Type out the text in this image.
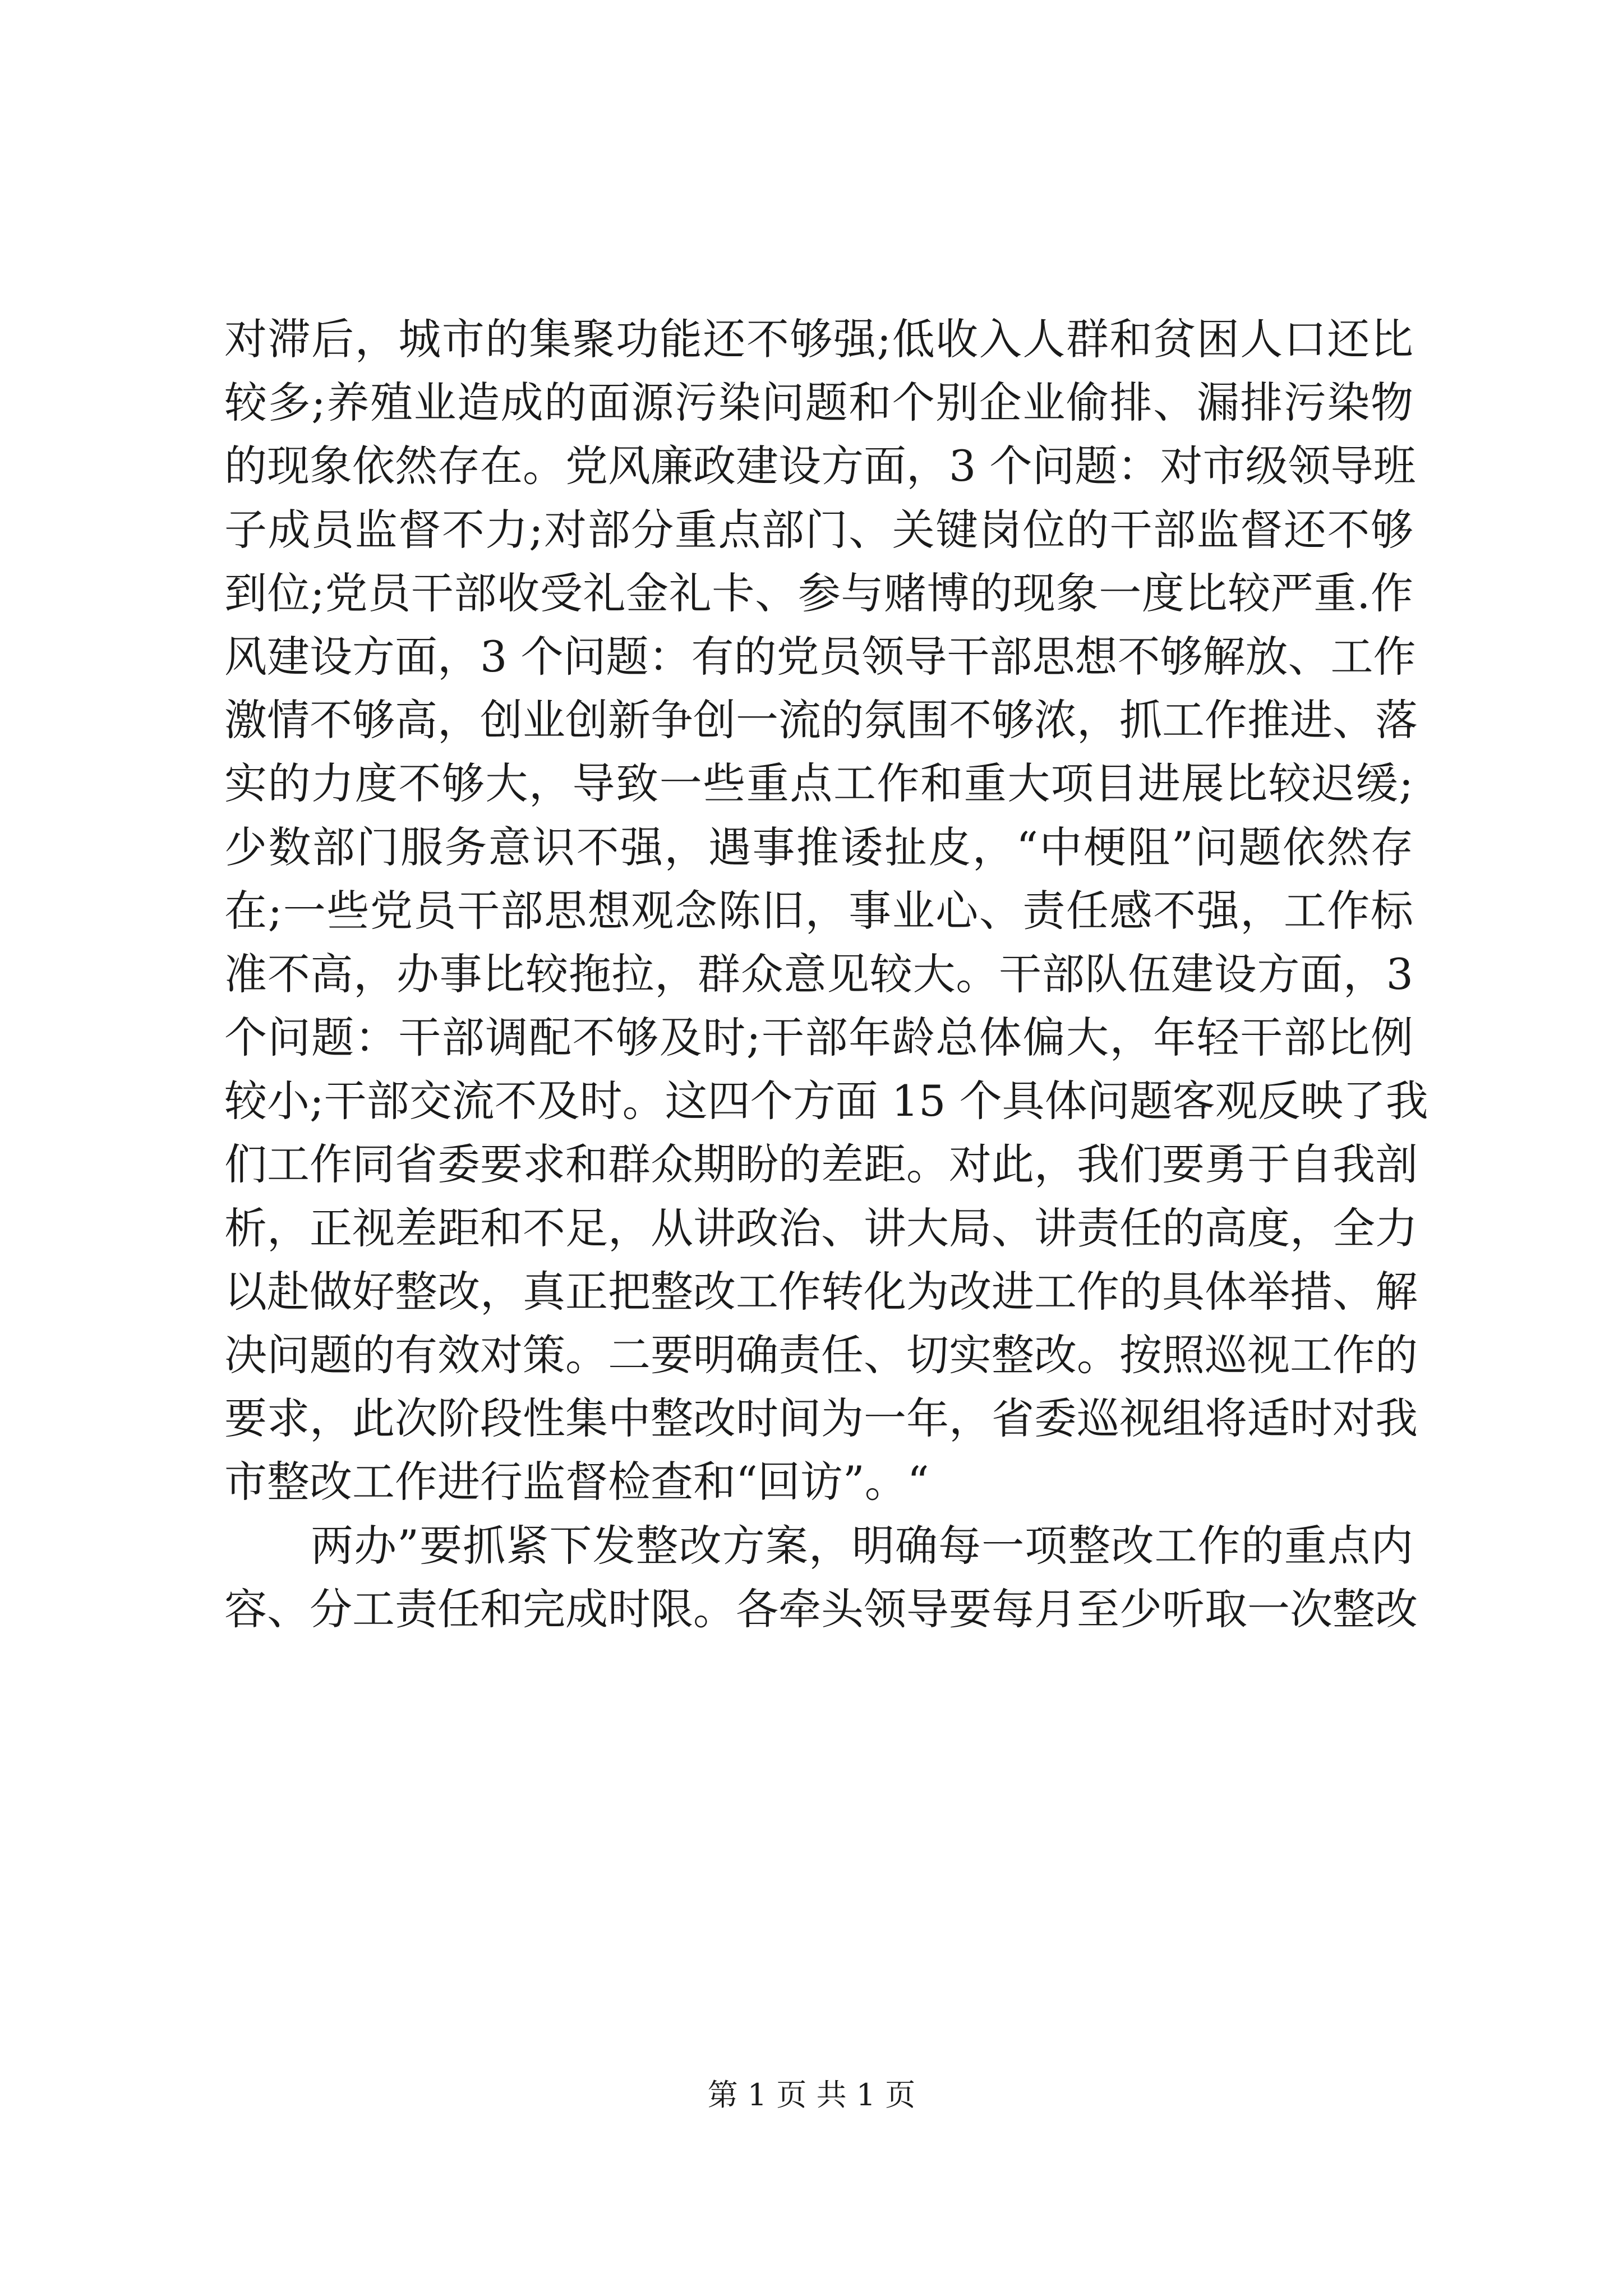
对滞后，城市的集聚功能还不够强;低收入人群和贫困人口还比
较多;养殖业造成的面源污染问题和个别企业偷排、漏排污染物
的现象依然存在。党风廉政建设方面，3 个问题：对市级领导班
子成员监督不力;对部分重点部门、关键岗位的干部监督还不够
到位;党员干部收受礼金礼卡、参与赌博的现象一度比较严重.作
风建设方面，3 个问题：有的党员领导干部思想不够解放、工作
激情不够高，创业创新争创一流的氛围不够浓，抓工作推进、落
实的力度不够大，导致一些重点工作和重大项目进展比较迟缓;
少数部门服务意识不强，遇事推诿扯皮，“中梗阻”问题依然存
在;一些党员干部思想观念陈旧，事业心、责任感不强，工作标
准不高，办事比较拖拉，群众意见较大。干部队伍建设方面，3
个问题：干部调配不够及时;干部年龄总体偏大，年轻干部比例
较小;干部交流不及时。这四个方面 15 个具体问题客观反映了我
们工作同省委要求和群众期盼的差距。对此，我们要勇于自我剖
析，正视差距和不足，从讲政治、讲大局、讲责任的高度，全力
以赴做好整改，真正把整改工作转化为改进工作的具体举措、解
决问题的有效对策。二要明确责任、切实整改。按照巡视工作的
要求，此次阶段性集中整改时间为一年，省委巡视组将适时对我
市整改工作进行监督检查和“回访”。“
两办”要抓紧下发整改方案，明确每一项整改工作的重点内
容、分工责任和完成时限。各牵头领导要每月至少听取一次整改
第 1 页 共 1 页
